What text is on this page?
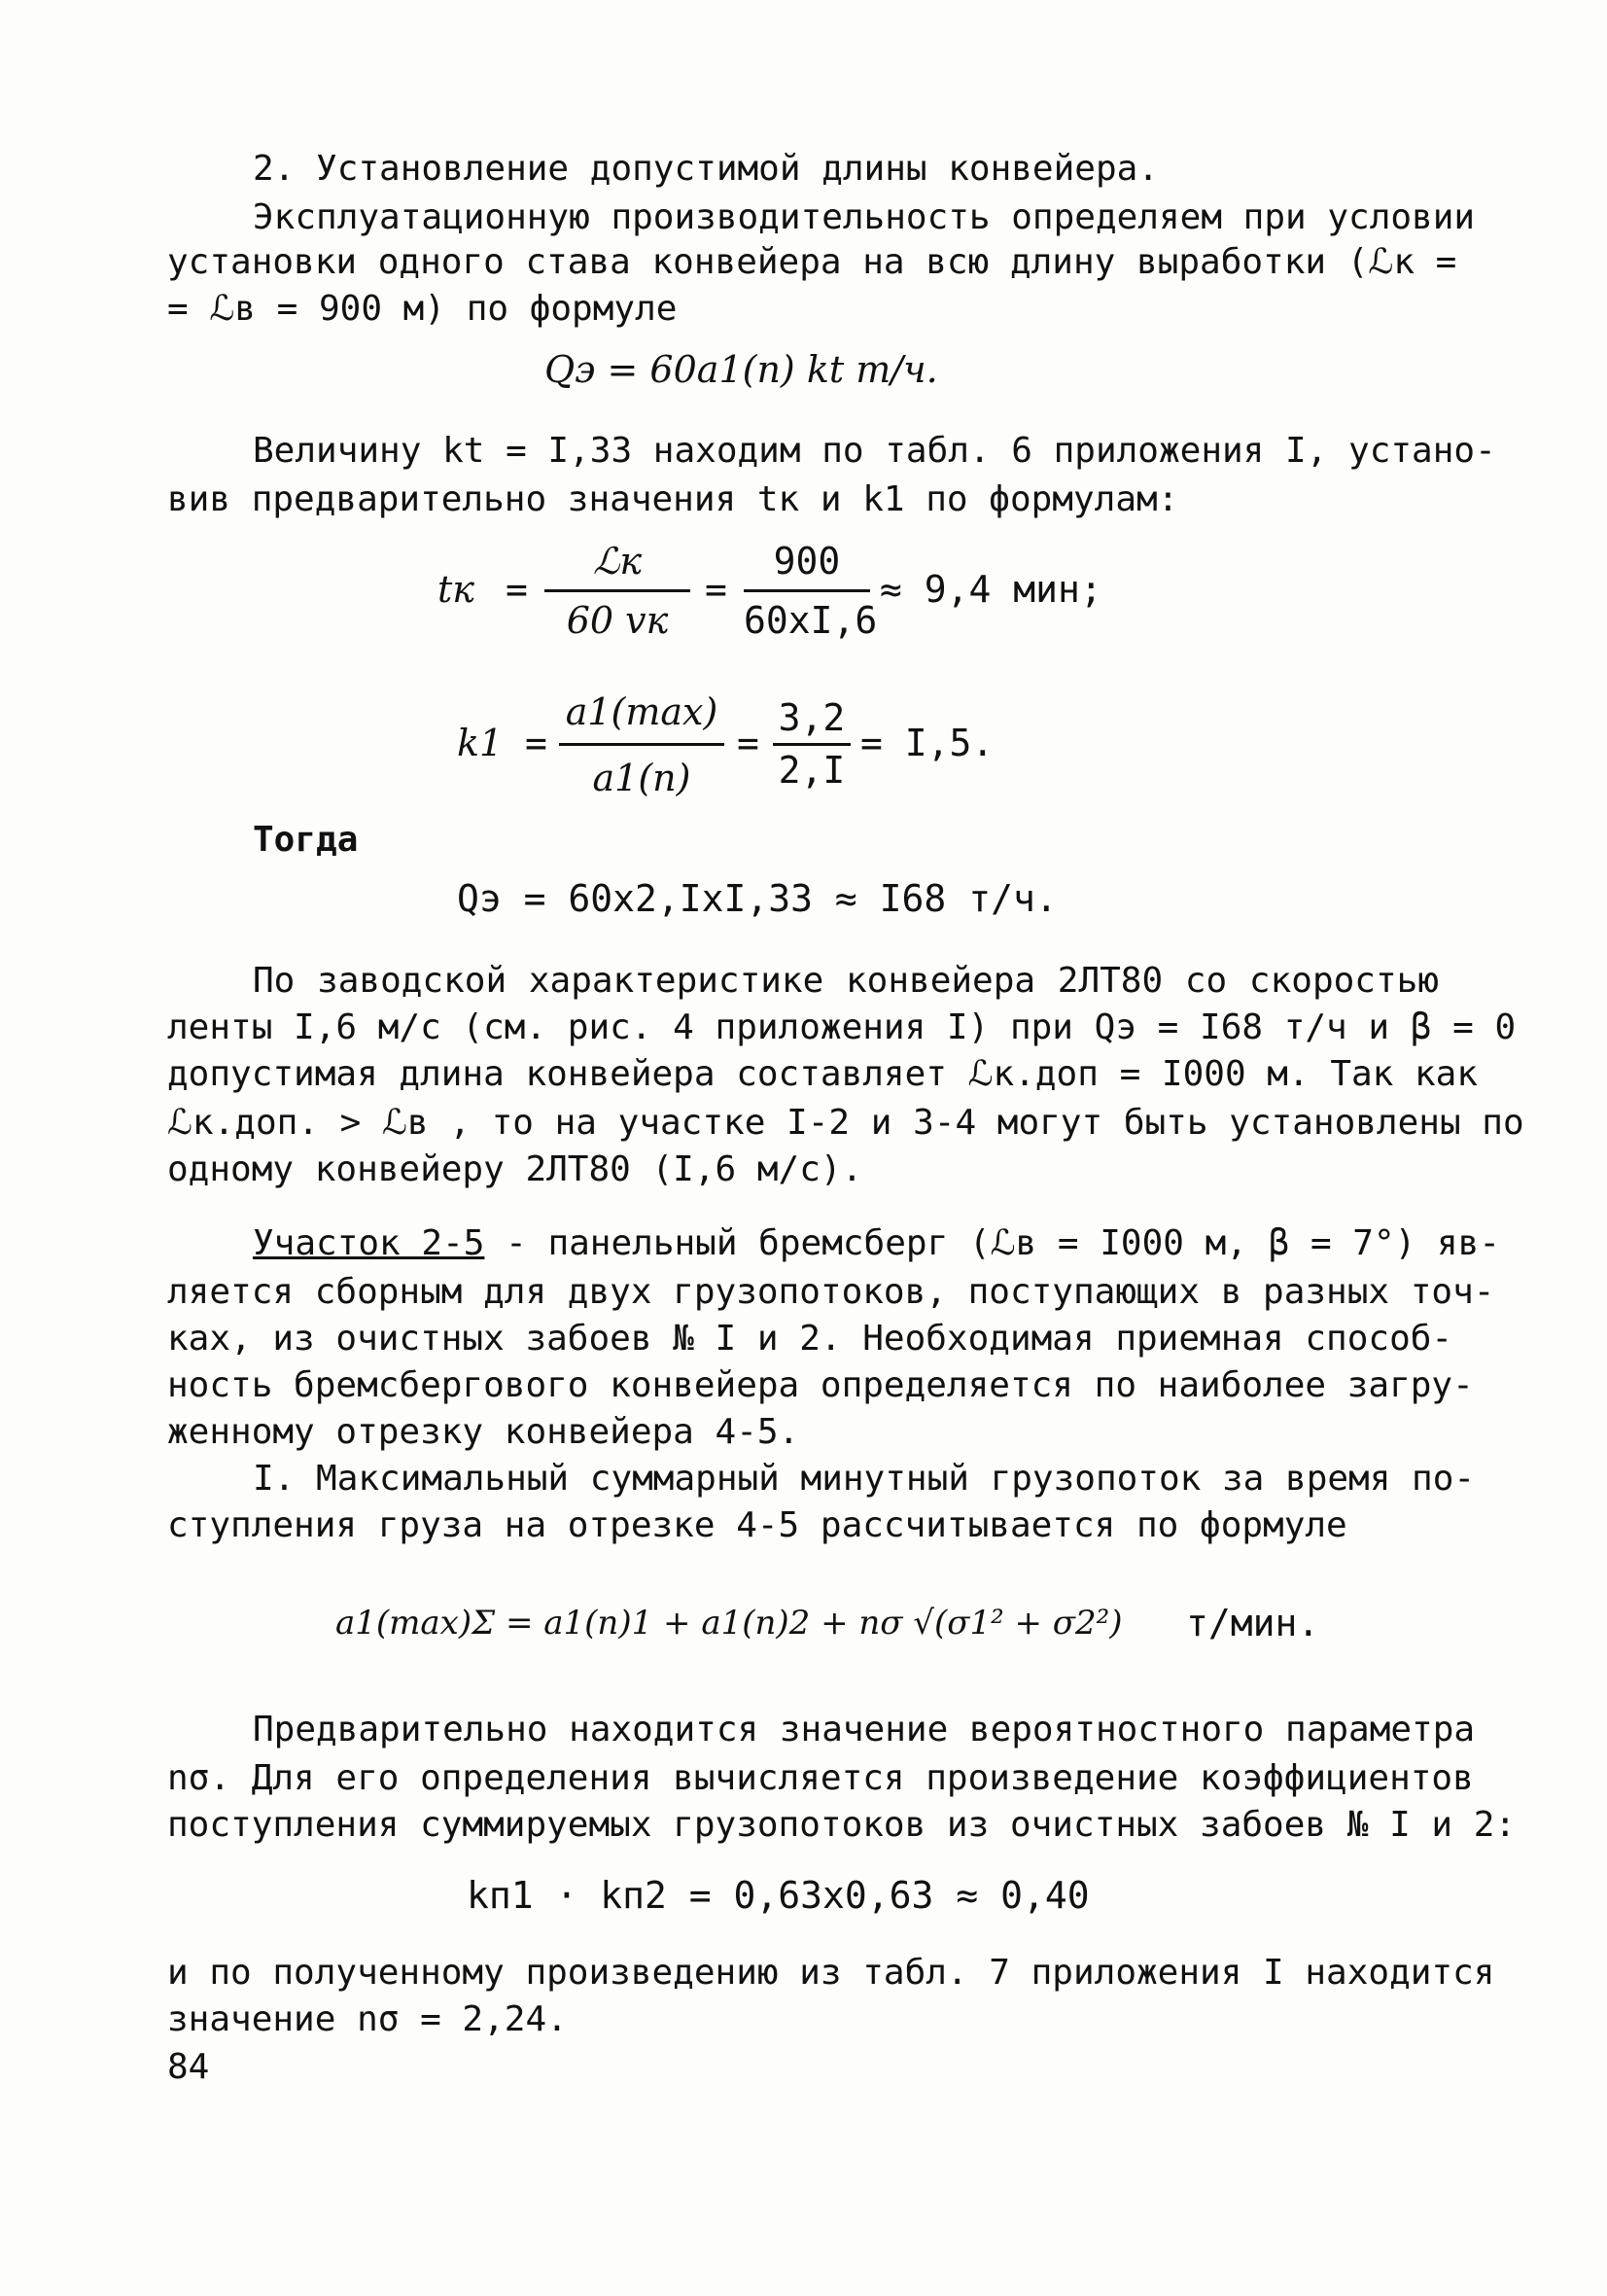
2. Установление допустимой длины конвейера.
Эксплуатационную производительность определяем при условии
установки одного става конвейера на всю длину выработки (ℒк =
= ℒв = 900 м) по формуле
Qэ = 60a1(п) kt т/ч.
Величину kt = I,33 находим по табл. 6 приложения I, устано-
вив предварительно значения tк и k1 по формулам:
tк =
ℒк
60 vк
=
900
60xI,6
≈ 9,4 мин;
k1 =
a1(max)
a1(п)
=
3,2
2,I
= I,5.
Тогда
Qэ = 60x2,IxI,33 ≈ I68 т/ч.
По заводской характеристике конвейера 2ЛТ80 со скоростью
ленты I,6 м/с (см. рис. 4 приложения I) при Qэ = I68 т/ч и β = 0
допустимая длина конвейера составляет ℒк.доп = I000 м. Так как
ℒк.доп. > ℒв , то на участке I-2 и 3-4 могут быть установлены по
одному конвейеру 2ЛТ80 (I,6 м/с).
Участок 2-5 - панельный бремсберг (ℒв = I000 м, β = 7°) яв-
ляется сборным для двух грузопотоков, поступающих в разных точ-
ках, из очистных забоев № I и 2. Необходимая приемная способ-
ность бремсбергового конвейера определяется по наиболее загру-
женному отрезку конвейера 4-5.
I. Максимальный суммарный минутный грузопоток за время по-
ступления груза на отрезке 4-5 рассчитывается по формуле
a1(max)Σ = a1(п)1 + a1(п)2 + nσ √(σ1² + σ2²) т/мин.
Предварительно находится значение вероятностного параметра
nσ. Для его определения вычисляется произведение коэффициентов
поступления суммируемых грузопотоков из очистных забоев № I и 2:
kп1 · kп2 = 0,63x0,63 ≈ 0,40
и по полученному произведению из табл. 7 приложения I находится
значение nσ = 2,24.
84
